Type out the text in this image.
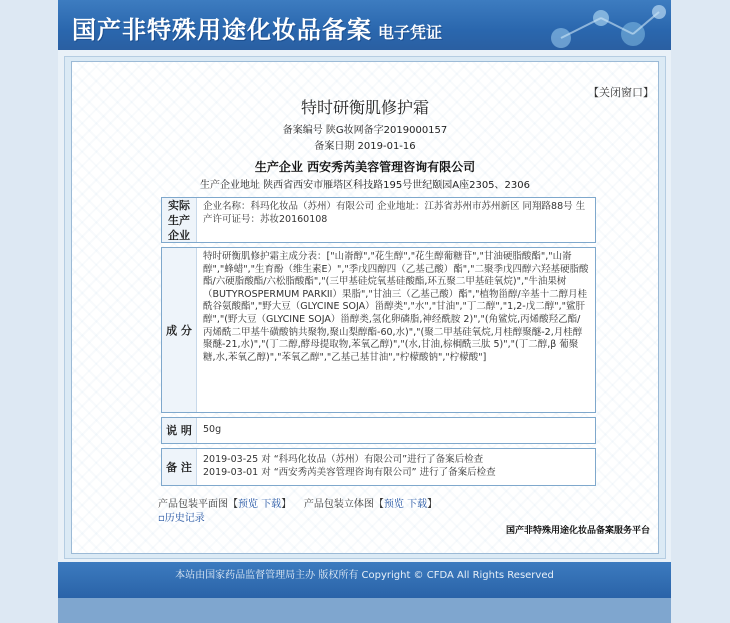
国产非特殊用途化妆品备案 电子凭证
【关闭窗口】
特时研衡肌修护霜
备案编号 陕G妆网备字2019000157
备案日期 2019-01-16
生产企业 西安秀芮美容管理咨询有限公司
生产企业地址 陕西省西安市雁塔区科技路195号世纪颐园A座2305、2306
实际
生产
企业
企业名称：科玛化妆品（苏州）有限公司 企业地址：江苏省苏州市苏州新区 同翔路88号 生产许可证号：苏妆20160108
成 分
特时研衡肌修护霜主成分表：["山嵛醇","花生醇","花生醇葡糖苷","甘油硬脂酸酯","山嵛醇","蜂蜡","生育酚（维生素E）","季戊四醇四（乙基己酸）酯","二聚季戊四醇六羟基硬脂酸酯/六硬脂酸酯/六松脂酸酯","(三甲基硅烷氧基硅酸酯,环五聚二甲基硅氧烷)","牛油果树（BUTYROSPERMUM PARKII）果脂","甘油三（乙基己酸）酯","植物甾醇/辛基十二醇月桂酰谷氨酸酯","野大豆（GLYCINE SOJA）甾醇类","水","甘油","丁二醇","1,2-戊二醇","鲨肝醇","(野大豆（GLYCINE SOJA）甾醇类,氢化卵磷脂,神经酰胺 2)","(角鲨烷,丙烯酸羟乙酯/丙烯酰二甲基牛磺酸钠共聚物,聚山梨醇酯-60,水)","(聚二甲基硅氧烷,月桂醇聚醚-2,月桂醇聚醚-21,水)","(丁二醇,酵母提取物,苯氧乙醇)","(水,甘油,棕榈酰三肽 5)","(丁二醇,β 葡聚糖,水,苯氧乙醇)","苯氧乙醇","乙基己基甘油","柠檬酸钠","柠檬酸"]
说 明	50g
备 注
2019-03-25 对 “科玛化妆品（苏州）有限公司”进行了备案后检查
2019-03-01 对 “西安秀芮美容管理咨询有限公司” 进行了备案后检查
产品包装平面图【预览 下载】 产品包装立体图【预览 下载】
▫历史记录
国产非特殊用途化妆品备案服务平台
本站由国家药品监督管理局主办 版权所有 Copyright © CFDA All Rights Reserved
